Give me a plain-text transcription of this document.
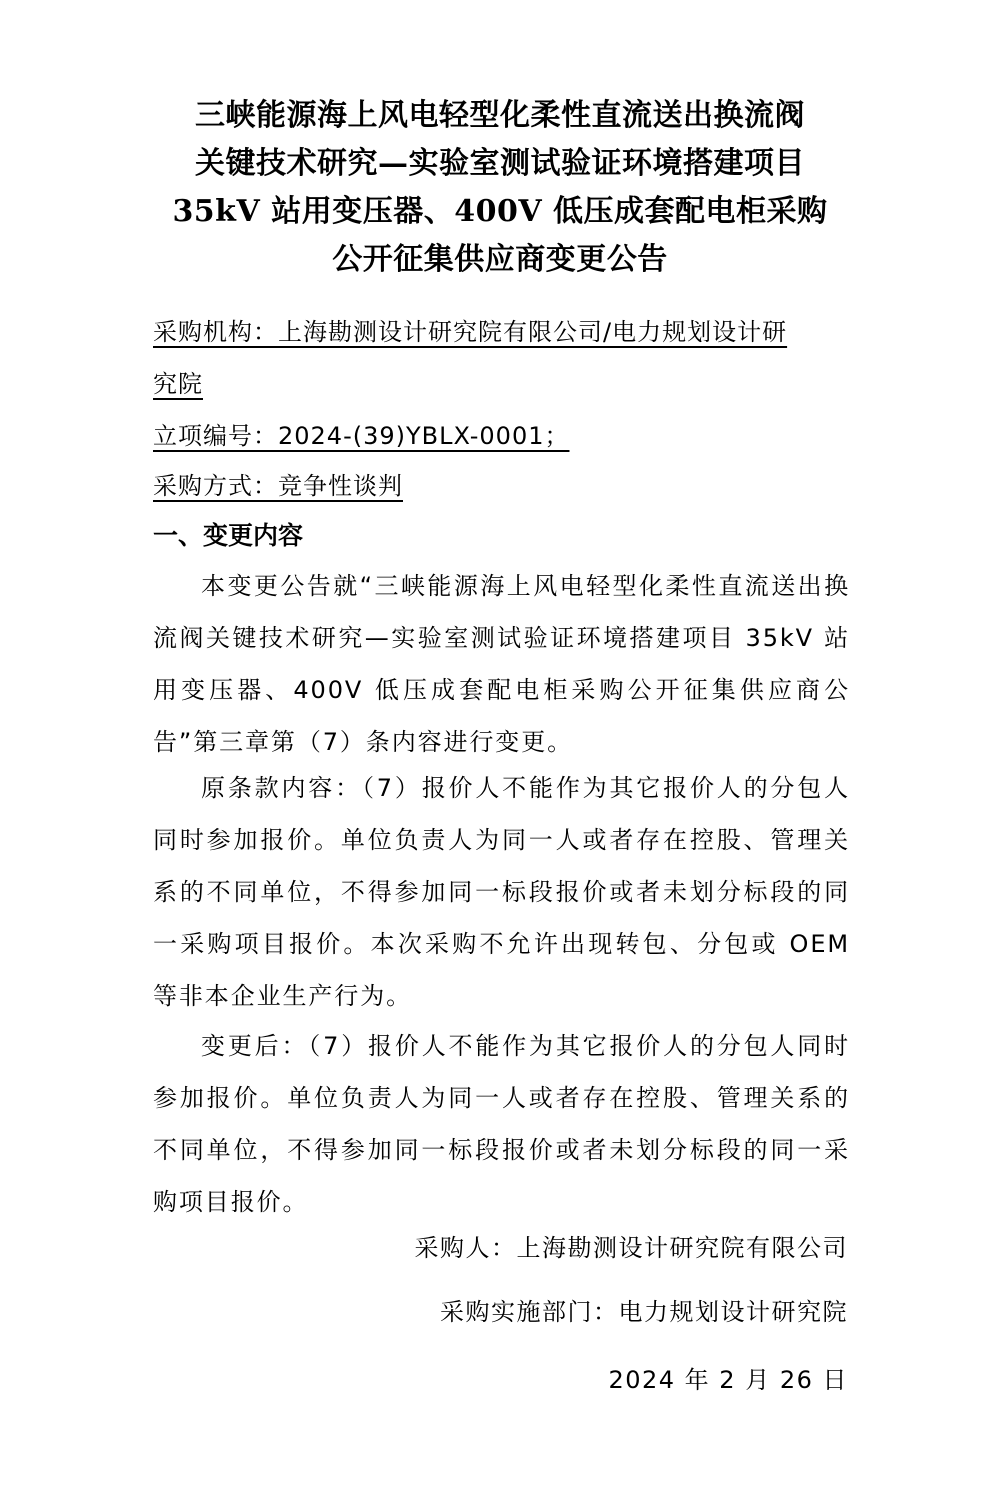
三峡能源海上风电轻型化柔性直流送出换流阀
关键技术研究—实验室测试验证环境搭建项目
35kV 站用变压器、400V 低压成套配电柜采购
公开征集供应商变更公告
采购机构：上海勘测设计研究院有限公司/电力规划设计研
究院
立项编号：2024-(39)YBLX-0001；
采购方式：竞争性谈判
一、变更内容
本变更公告就“三峡能源海上风电轻型化柔性直流送出换流阀关键技术研究—实验室测试验证环境搭建项目 35kV 站用变压器、400V 低压成套配电柜采购公开征集供应商公告”第三章第（7）条内容进行变更。
原条款内容：（7）报价人不能作为其它报价人的分包人同时参加报价。单位负责人为同一人或者存在控股、管理关系的不同单位，不得参加同一标段报价或者未划分标段的同一采购项目报价。本次采购不允许出现转包、分包或 OEM 等非本企业生产行为。
变更后：（7）报价人不能作为其它报价人的分包人同时参加报价。单位负责人为同一人或者存在控股、管理关系的不同单位，不得参加同一标段报价或者未划分标段的同一采购项目报价。
采购人：上海勘测设计研究院有限公司
采购实施部门：电力规划设计研究院
2024 年 2 月 26 日
